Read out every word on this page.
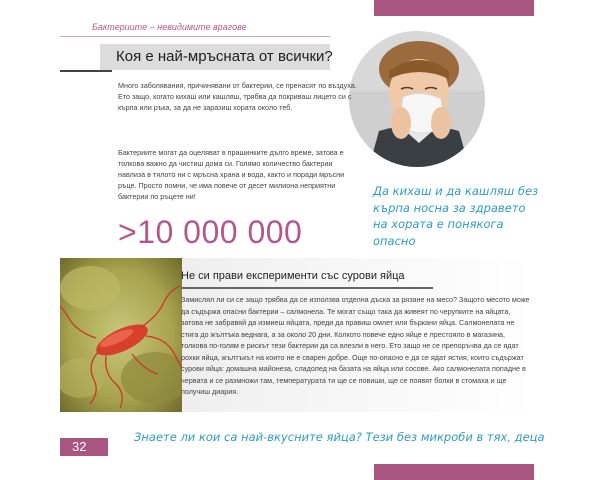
Бактериите – невидимите врагове
Коя е най-мръсната от всички?

Много заболявания, причинявани от бактерии, се пренасят по въздуха. Ето защо, когато кихаш или кашляш, трябва да покриваш лицето си с кърпа или ръка, за да не заразиш хората около теб.

Бактериите могат да оцеляват в прашинките дълго време, затова е толкова важно да чистиш дома си. Голямо количество бактерии навлиза в тялото ни с мръсна храна и вода, както и поради мръсни ръце. Просто помни, че има повече от десет милиона неприятни бактерии по ръцете ни!

>10 000 000
Да кихаш и да кашляш без кърпа носна за здравето на хората е понякога опасно
Не си прави експерименти със сурови яйца

Замислял ли си се защо трябва да се използва отделна дъска за рязане на месо? Защото месото може да съдържа опасни бактерии – салмонела. Те могат също така да живеят по черупките на яйцата, затова не забравяй да измиеш яйцата, преди да правиш омлет или бъркани яйца. Салмонелата не стига до жълтъка веднага, а за около 20 дни. Колкото повече едно яйце е престояло в магазина, толкова по-голям е рискът тези бактерии да са влезли в него. Ето защо не се препоръчва да се ядат рохки яйца, жълтъкът на които не е сварен добре. Още по-опасно е да се ядат ястия, които съдържат сурови яйца: домашна майонеза, сладолед на базата на яйца или сосове. Ако салмонелата попадне в червата и се размножи там, температурата ти ще се повиши, ще се появят болки в стомаха и ще получиш диария.

32
Знаете ли кои са най-вкусните яйца? Тези без микроби в тях, деца
